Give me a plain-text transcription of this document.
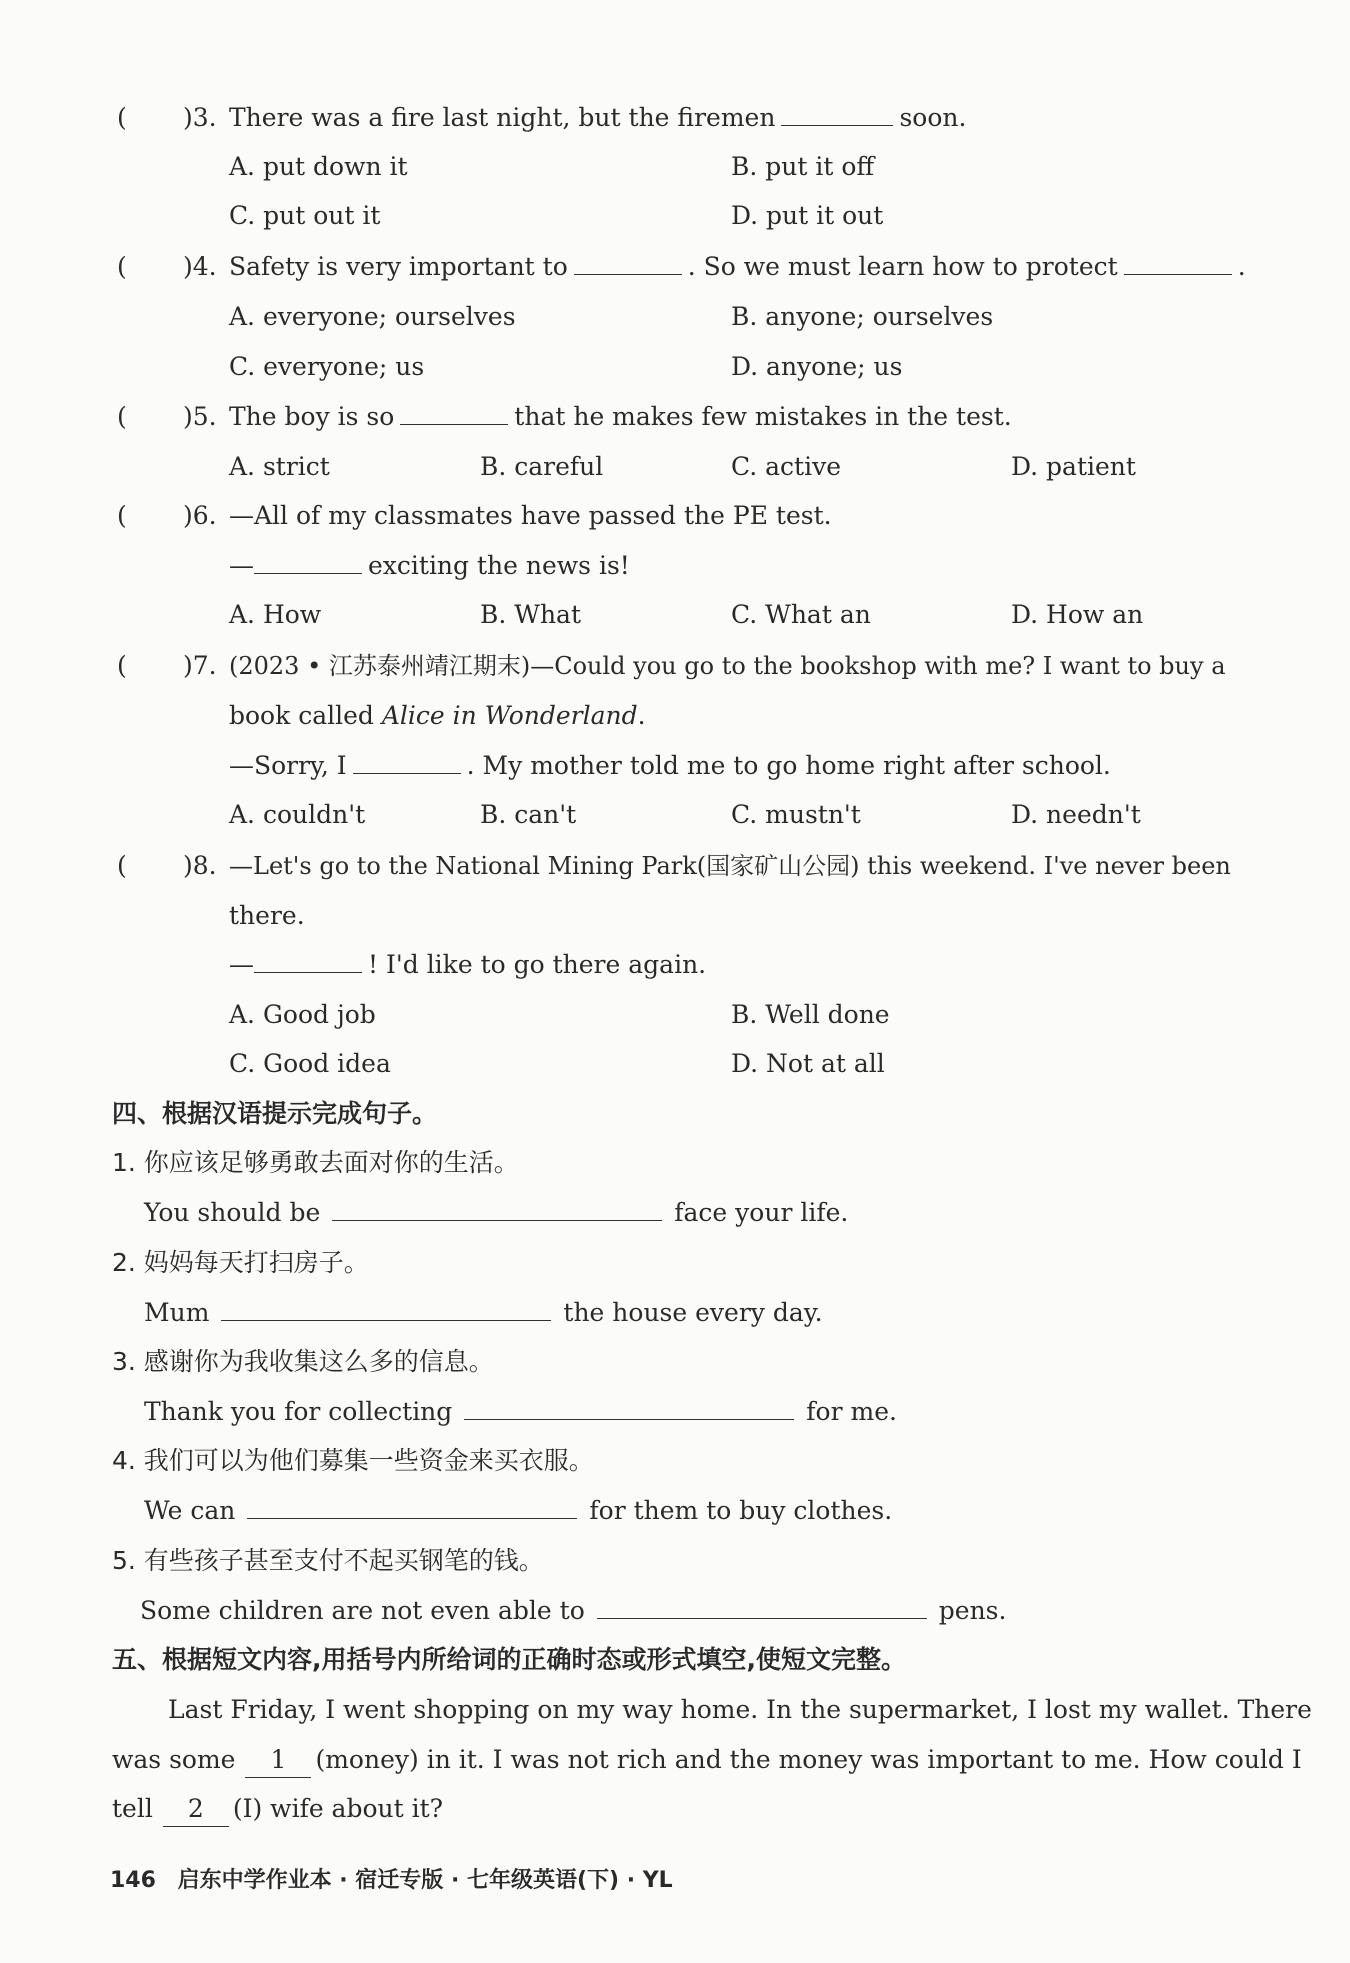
( )3. There was a fire last night, but the firemen	soon.
A. put down it	B. put it off
C. put out it	D. put it out
( )4. Safety is very important to	. So we must learn how to protect	.
A. everyone; ourselves	B. anyone; ourselves
C. everyone; us	D. anyone; us
( )5. The boy is so	that he makes few mistakes in the test.
A. strict	B. careful	C. active	D. patient
( )6. —All of my classmates have passed the PE test.
—	exciting the news is!
A. How	B. What	C. What an	D. How an
( )7. (2023 • 江苏泰州靖江期末)—Could you go to the bookshop with me? I want to buy a
book called Alice in Wonderland.
—Sorry, I	. My mother told me to go home right after school.
A. couldn't	B. can't	C. mustn't	D. needn't
( )8. —Let's go to the National Mining Park(国家矿山公园) this weekend. I've never been
there.
—	! I'd like to go there again.
A. Good job	B. Well done
C. Good idea	D. Not at all
四、根据汉语提示完成句子。
1. 你应该足够勇敢去面对你的生活。
You should be	face your life.
2. 妈妈每天打扫房子。
Mum	the house every day.
3. 感谢你为我收集这么多的信息。
Thank you for collecting	for me.
4. 我们可以为他们募集一些资金来买衣服。
We can	for them to buy clothes.
5. 有些孩子甚至支付不起买钢笔的钱。
Some children are not even able to	pens.
五、根据短文内容,用括号内所给词的正确时态或形式填空,使短文完整。
Last Friday, I went shopping on my way home. In the supermarket, I lost my wallet. There
was some 1 (money) in it. I was not rich and the money was important to me. How could I
tell 2 (I) wife about it?
146 启东中学作业本 · 宿迁专版 · 七年级英语(下) · YL
